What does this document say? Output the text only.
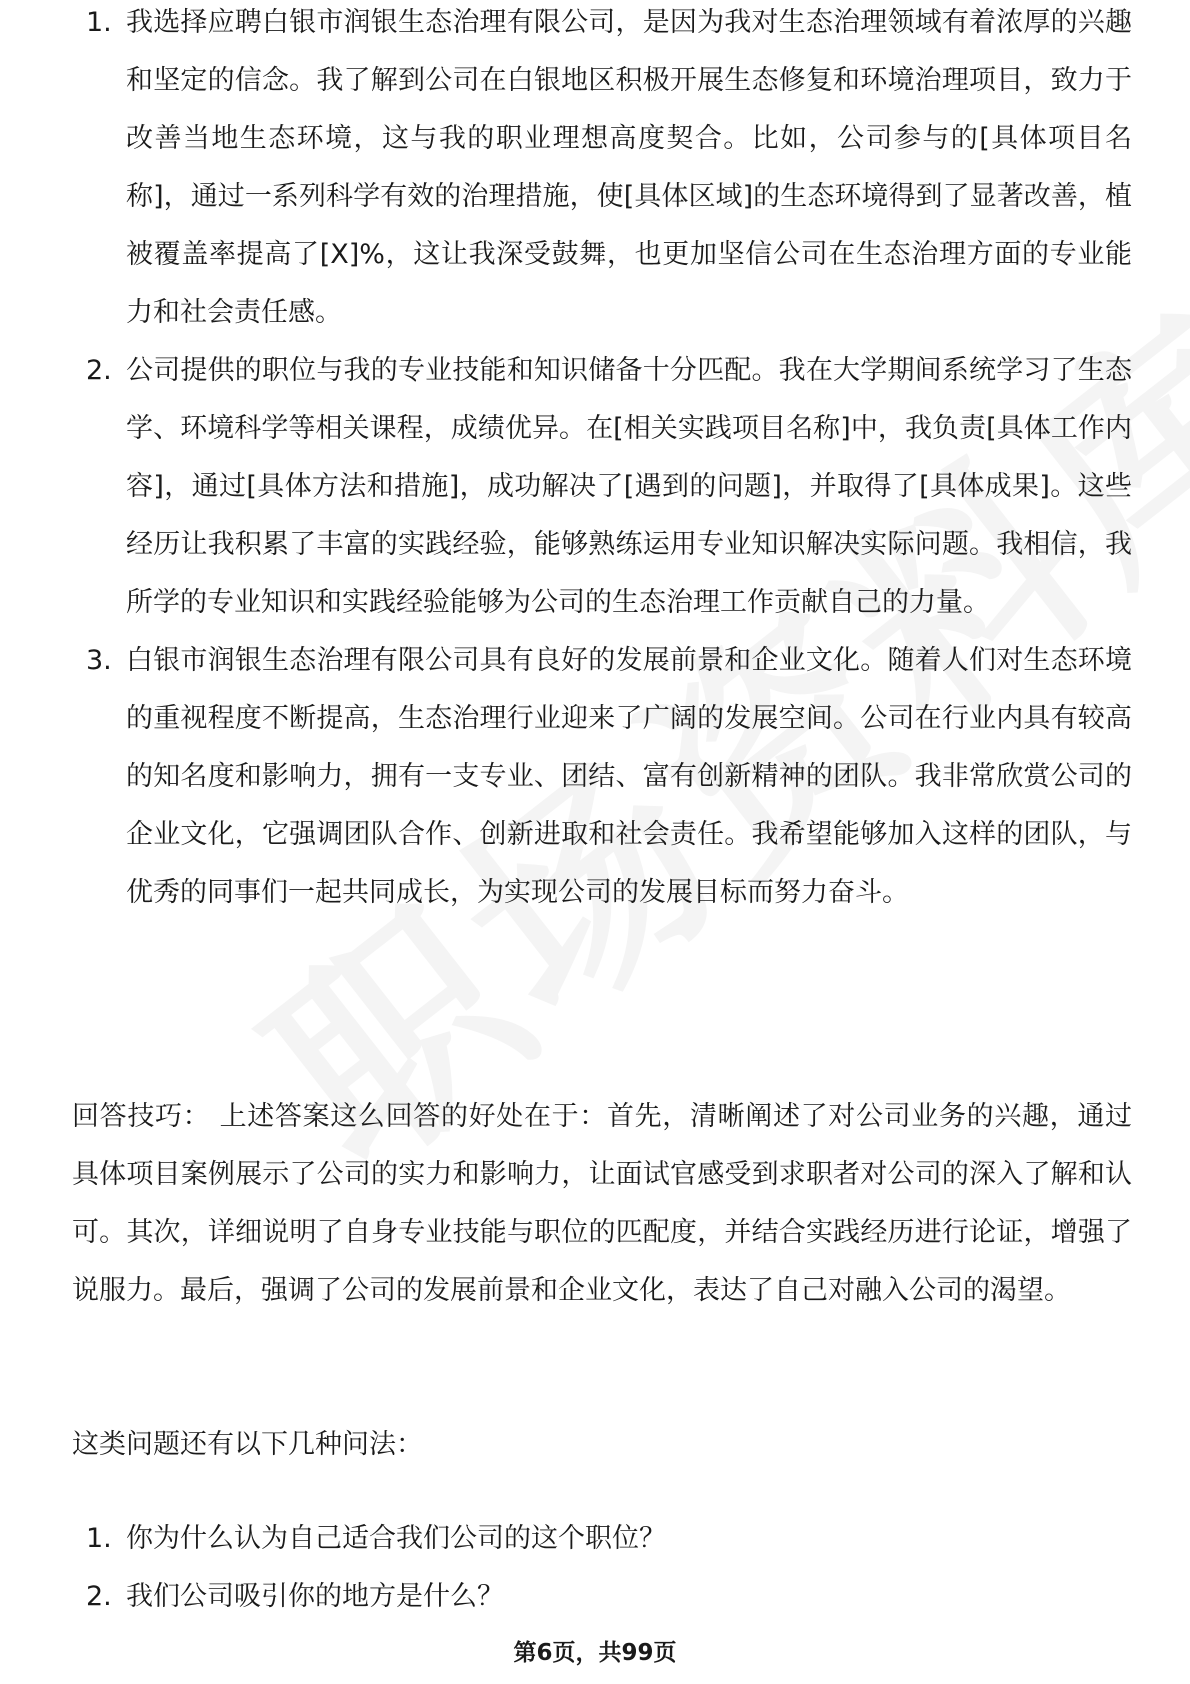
1. 我选择应聘白银市润银生态治理有限公司，是因为我对生态治理领域有着浓厚的兴趣和坚定的信念。我了解到公司在白银地区积极开展生态修复和环境治理项目，致力于改善当地生态环境，这与我的职业理想高度契合。比如，公司参与的[具体项目名称]，通过一系列科学有效的治理措施，使[具体区域]的生态环境得到了显著改善，植被覆盖率提高了[X]%，这让我深受鼓舞，也更加坚信公司在生态治理方面的专业能力和社会责任感。
2. 公司提供的职位与我的专业技能和知识储备十分匹配。我在大学期间系统学习了生态学、环境科学等相关课程，成绩优异。在[相关实践项目名称]中，我负责[具体工作内容]，通过[具体方法和措施]，成功解决了[遇到的问题]，并取得了[具体成果]。这些经历让我积累了丰富的实践经验，能够熟练运用专业知识解决实际问题。我相信，我所学的专业知识和实践经验能够为公司的生态治理工作贡献自己的力量。
3. 白银市润银生态治理有限公司具有良好的发展前景和企业文化。随着人们对生态环境的重视程度不断提高，生态治理行业迎来了广阔的发展空间。公司在行业内具有较高的知名度和影响力，拥有一支专业、团结、富有创新精神的团队。我非常欣赏公司的企业文化，它强调团队合作、创新进取和社会责任。我希望能够加入这样的团队，与优秀的同事们一起共同成长，为实现公司的发展目标而努力奋斗。

回答技巧： 上述答案这么回答的好处在于：首先，清晰阐述了对公司业务的兴趣，通过具体项目案例展示了公司的实力和影响力，让面试官感受到求职者对公司的深入了解和认可。其次，详细说明了自身专业技能与职位的匹配度，并结合实践经历进行论证，增强了说服力。最后，强调了公司的发展前景和企业文化，表达了自己对融入公司的渴望。

这类问题还有以下几种问法：

1. 你为什么认为自己适合我们公司的这个职位？
2. 我们公司吸引你的地方是什么？
第6页，共99页
